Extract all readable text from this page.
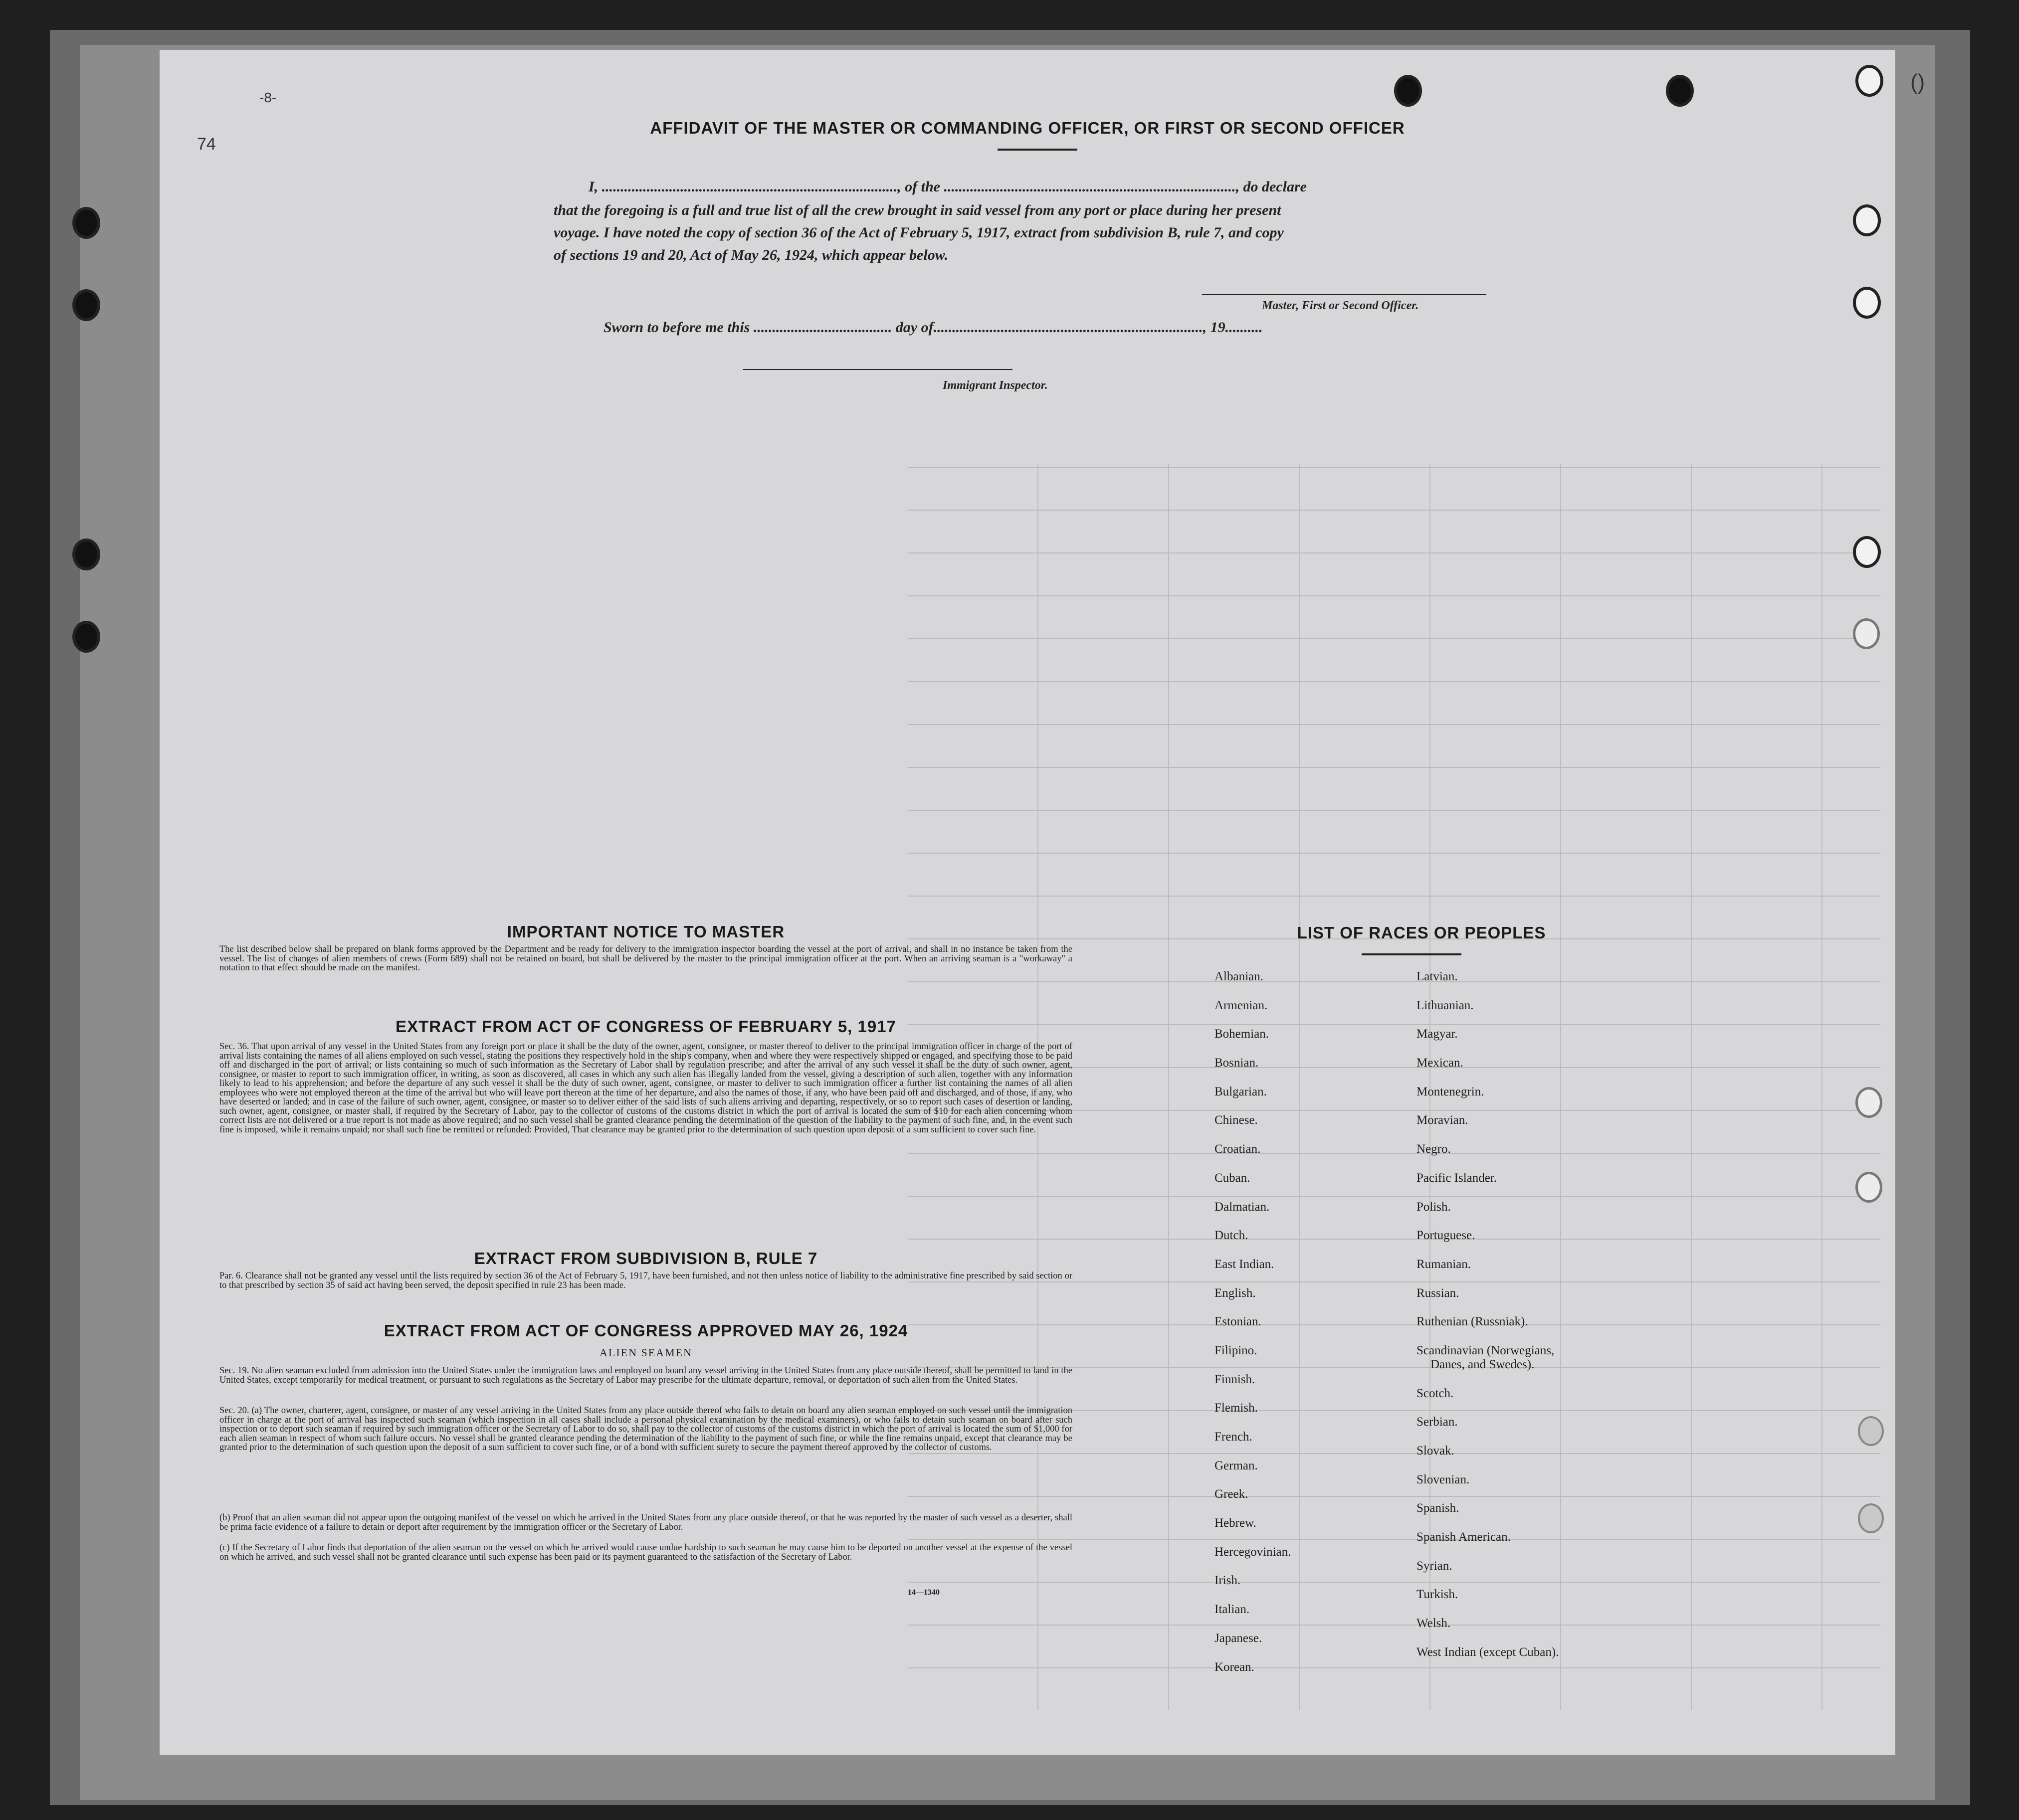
AFFIDAVIT OF THE MASTER OR COMMANDING OFFICER, OR FIRST OR SECOND OFFICER
I, ..............................................................................., of the .............................................................................., do declare
that the foregoing is a full and true list of all the crew brought in said vessel from any port or place during her present
voyage. I have noted the copy of section 36 of the Act of February 5, 1917, extract from subdivision B, rule 7, and copy
of sections 19 and 20, Act of May 26, 1924, which appear below.
Master, First or Second Officer.
Sworn to before me this ..................................... day of........................................................................, 19..........
Immigrant Inspector.
IMPORTANT NOTICE TO MASTER
The list described below shall be prepared on blank forms approved by the Department and be ready for delivery to the immigration inspector boarding the vessel at the port of arrival, and shall in no instance be taken from the vessel. The list of changes of alien members of crews (Form 689) shall not be retained on board, but shall be delivered by the master to the principal immigration officer at the port. When an arriving seaman is a "workaway" a notation to that effect should be made on the manifest.
EXTRACT FROM ACT OF CONGRESS OF FEBRUARY 5, 1917
Sec. 36. That upon arrival of any vessel in the United States from any foreign port or place it shall be the duty of the owner, agent, consignee, or master thereof to deliver to the principal immigration officer in charge of the port of arrival lists containing the names of all aliens employed on such vessel, stating the positions they respectively hold in the ship's company, when and where they were respectively shipped or engaged, and specifying those to be paid off and discharged in the port of arrival; or lists containing so much of such information as the Secretary of Labor shall by regulation prescribe; and after the arrival of any such vessel it shall be the duty of such owner, agent, consignee, or master to report to such immigration officer, in writing, as soon as discovered, all cases in which any such alien has illegally landed from the vessel, giving a description of such alien, together with any information likely to lead to his apprehension; and before the departure of any such vessel it shall be the duty of such owner, agent, consignee, or master to deliver to such immigration officer a further list containing the names of all alien employees who were not employed thereon at the time of the arrival but who will leave port thereon at the time of her departure, and also the names of those, if any, who have been paid off and discharged, and of those, if any, who have deserted or landed; and in case of the failure of such owner, agent, consignee, or master so to deliver either of the said lists of such aliens arriving and departing, respectively, or so to report such cases of desertion or landing, such owner, agent, consignee, or master shall, if required by the Secretary of Labor, pay to the collector of customs of the customs district in which the port of arrival is located the sum of $10 for each alien concerning whom correct lists are not delivered or a true report is not made as above required; and no such vessel shall be granted clearance pending the determination of the question of the liability to the payment of such fine, and, in the event such fine is imposed, while it remains unpaid; nor shall such fine be remitted or refunded: Provided, That clearance may be granted prior to the determination of such question upon deposit of a sum sufficient to cover such fine.
EXTRACT FROM SUBDIVISION B, RULE 7
Par. 6. Clearance shall not be granted any vessel until the lists required by section 36 of the Act of February 5, 1917, have been furnished, and not then unless notice of liability to the administrative fine prescribed by said section or to that prescribed by section 35 of said act having been served, the deposit specified in rule 23 has been made.
EXTRACT FROM ACT OF CONGRESS APPROVED MAY 26, 1924
ALIEN SEAMEN
Sec. 19. No alien seaman excluded from admission into the United States under the immigration laws and employed on board any vessel arriving in the United States from any place outside thereof, shall be permitted to land in the United States, except temporarily for medical treatment, or pursuant to such regulations as the Secretary of Labor may prescribe for the ultimate departure, removal, or deportation of such alien from the United States.
Sec. 20. (a) The owner, charterer, agent, consignee, or master of any vessel arriving in the United States from any place outside thereof who fails to detain on board any alien seaman employed on such vessel until the immigration officer in charge at the port of arrival has inspected such seaman (which inspection in all cases shall include a personal physical examination by the medical examiners), or who fails to detain such seaman on board after such inspection or to deport such seaman if required by such immigration officer or the Secretary of Labor to do so, shall pay to the collector of customs of the customs district in which the port of arrival is located the sum of $1,000 for each alien seaman in respect of whom such failure occurs. No vessel shall be granted clearance pending the determination of the liability to the payment of such fine, or while the fine remains unpaid, except that clearance may be granted prior to the determination of such question upon the deposit of a sum sufficient to cover such fine, or of a bond with sufficient surety to secure the payment thereof approved by the collector of customs.
(b) Proof that an alien seaman did not appear upon the outgoing manifest of the vessel on which he arrived in the United States from any place outside thereof, or that he was reported by the master of such vessel as a deserter, shall be prima facie evidence of a failure to detain or deport after requirement by the immigration officer or the Secretary of Labor.
(c) If the Secretary of Labor finds that deportation of the alien seaman on the vessel on which he arrived would cause undue hardship to such seaman he may cause him to be deported on another vessel at the expense of the vessel on which he arrived, and such vessel shall not be granted clearance until such expense has been paid or its payment guaranteed to the satisfaction of the Secretary of Labor.
14—1340
LIST OF RACES OR PEOPLES
Albanian.
Armenian.
Bohemian.
Bosnian.
Bulgarian.
Chinese.
Croatian.
Cuban.
Dalmatian.
Dutch.
East Indian.
English.
Estonian.
Filipino.
Finnish.
Flemish.
French.
German.
Greek.
Hebrew.
Hercegovinian.
Irish.
Italian.
Japanese.
Korean.
Latvian.
Lithuanian.
Magyar.
Mexican.
Montenegrin.
Moravian.
Negro.
Pacific Islander.
Polish.
Portuguese.
Rumanian.
Russian.
Ruthenian (Russniak).
Scandinavian (Norwegians,
Danes, and Swedes).
Scotch.
Serbian.
Slovak.
Slovenian.
Spanish.
Spanish American.
Syrian.
Turkish.
Welsh.
West Indian (except Cuban).
74
-8-
()
